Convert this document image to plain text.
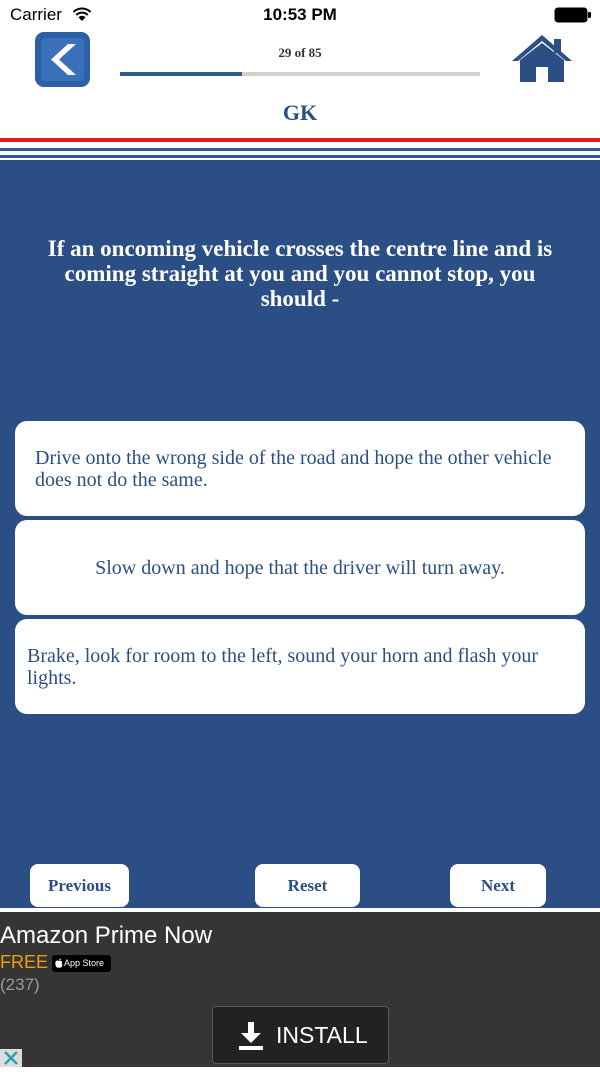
Carrier	10:53 PM
29 of 85
GK
If an oncoming vehicle crosses the centre line and is coming straight at you and you cannot stop, you should -
Drive onto the wrong side of the road and hope the other vehicle does not do the same.
Slow down and hope that the driver will turn away.
Brake, look for room to the left, sound your horn and flash your lights.
Previous	Reset	Next
Amazon Prime Now
FREE	App Store
(237)
INSTALL
